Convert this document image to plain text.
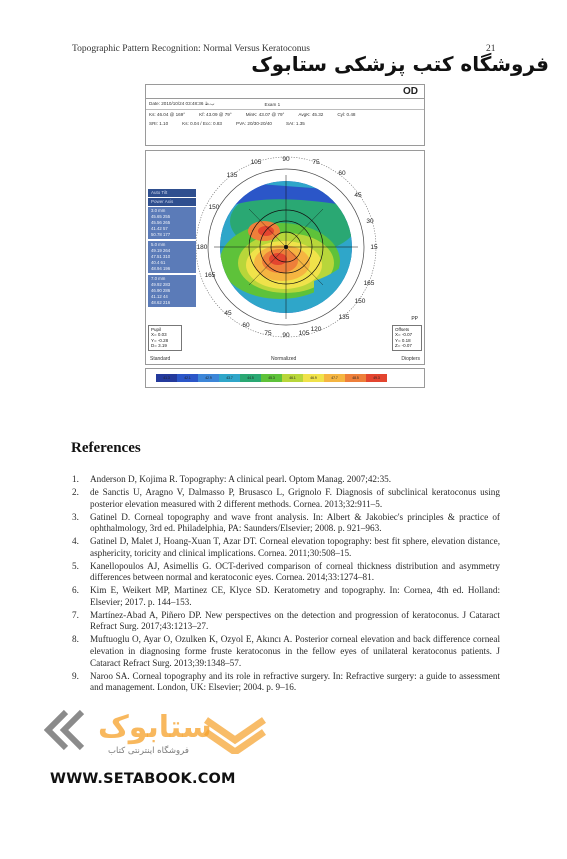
Topographic Pattern Recognition: Normal Versus Keratoconus	21
فروشگاه کتب پزشکی ستابوک
OD
Date: 2010/10/24 03:48:36 ب.ظ	Exam 1
Ks: 46.04 @ 169°	Kf: 43.09 @ 79°	MinK: 43.07 @ 79°	AvgK: 45.32	Cyl: 0.48
SRI: 1.10	Ks: 0.04 / Ecc: 0.83	PVA: 20/30-20/40	SAI: 1.35
105	90	75
60
45
30
15
165
150
135
120
180
135
45
60
75 90 105
165
150
Auto Tilt
Power Axis
3.0 mm
45.65 255
45.56 265
41.42 57
50.78 177
5.0 mm
49.19 264
47.51 310
40.4 61
48.94 196
7.0 mm
49.92 283
46.90 286
41.12 44
48.62 216
Pupil
X= 0.03
Y= -0.28
D= 3.19
PP
Offsets
X= -0.07
Y= 0.18
Z= -0.07
Standard	Normalized	Diopters
41.3	42.1	42.9	43.7	44.5	45.3	46.1	46.9	47.7	48.5	49.3
References
1.	Anderson D, Kojima R. Topography: A clinical pearl. Optom Manag. 2007;42:35.
2.	de Sanctis U, Aragno V, Dalmasso P, Brusasco L, Grignolo F. Diagnosis of subclinical keratoconus using posterior elevation measured with 2 different methods. Cornea. 2013;32:911–5.
3.	Gatinel D. Corneal topography and wave front analysis. In: Albert & Jakobiec's principles & practice of ophthalmology, 3rd ed. Philadelphia, PA: Saunders/Elsevier; 2008. p. 921–963.
4.	Gatinel D, Malet J, Hoang-Xuan T, Azar DT. Corneal elevation topography: best fit sphere, elevation distance, asphericity, toricity and clinical implications. Cornea. 2011;30:508–15.
5.	Kanellopoulos AJ, Asimellis G. OCT-derived comparison of corneal thickness distribution and asymmetry differences between normal and keratoconic eyes. Cornea. 2014;33:1274–81.
6.	Kim E, Weikert MP, Martinez CE, Klyce SD. Keratometry and topography. In: Cornea, 4th ed. Holland: Elsevier; 2017. p. 144–153.
7.	Martínez-Abad A, Piñero DP. New perspectives on the detection and progression of keratoconus. J Cataract Refract Surg. 2017;43:1213–27.
8.	Muftuoglu O, Ayar O, Ozulken K, Ozyol E, Akıncı A. Posterior corneal elevation and back difference corneal elevation in diagnosing forme fruste keratoconus in the fellow eyes of unilateral keratoconus patients. J Cataract Refract Surg. 2013;39:1348–57.
9.	Naroo SA. Corneal topography and its role in refractive surgery. In: Refractive surgery: a guide to assessment and management. London, UK: Elsevier; 2004. p. 9–16.
ستابوک
فروشگاه اینترنتی کتاب
WWW.SETABOOK.COM
